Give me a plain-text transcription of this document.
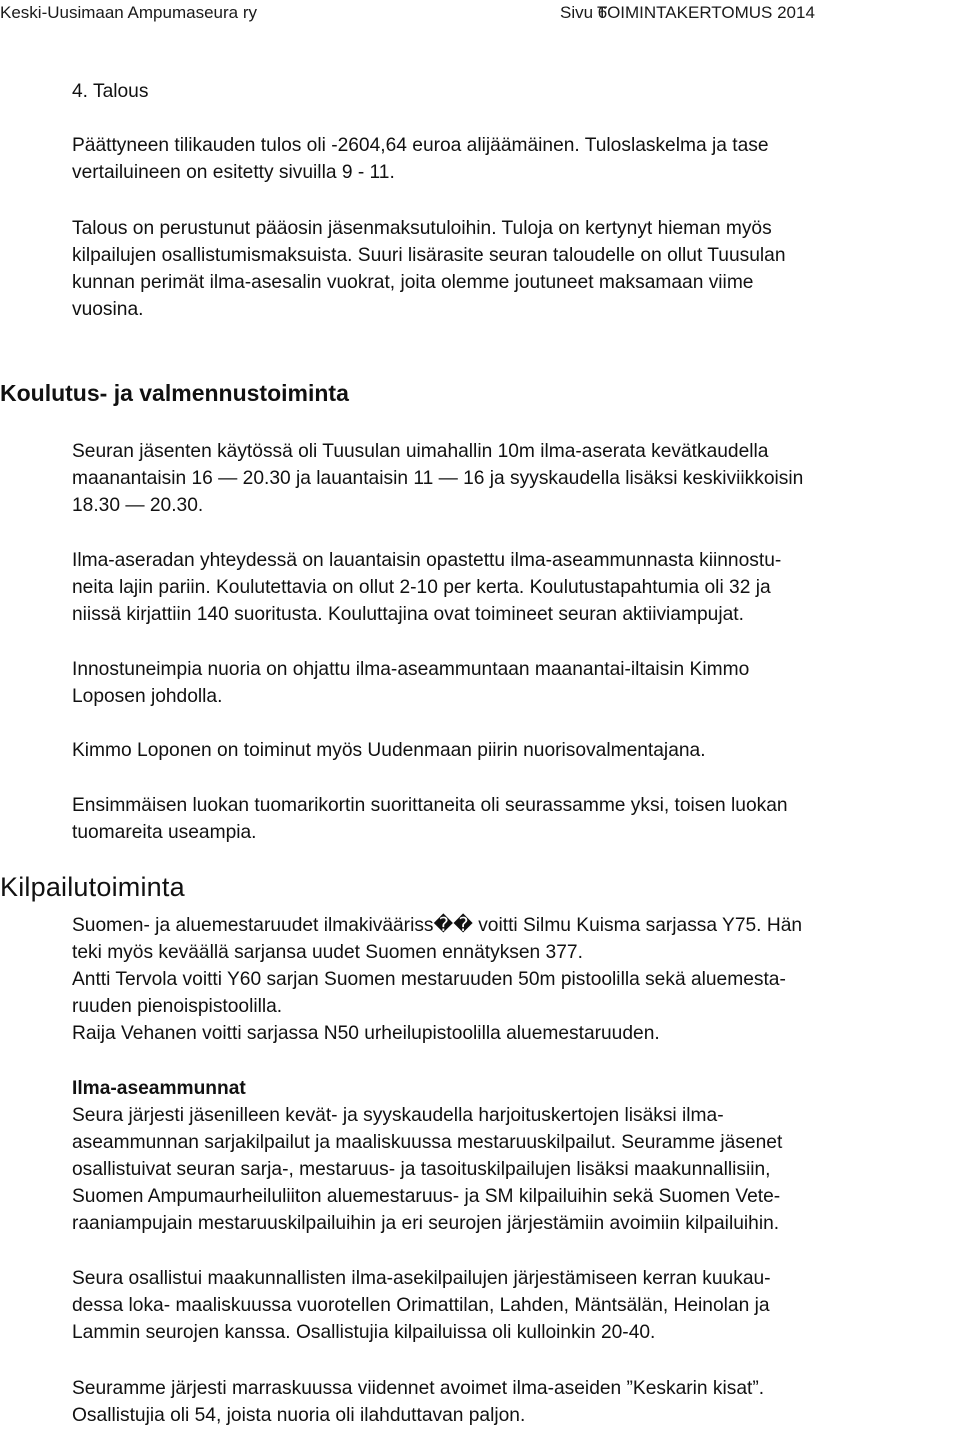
Keski-Uusimaan Ampumaseura ry	Sivu 6
TOIMINTAKERTOMUS 2014
4. Talous
Päättyneen tilikauden tulos oli -2604,64 euroa alijäämäinen. Tuloslaskelma ja tase
vertailuineen on esitetty sivuilla 9 - 11.
Talous on perustunut pääosin jäsenmaksutuloihin. Tuloja on kertynyt hieman myös
kilpailujen osallistumismaksuista. Suuri lisärasite seuran taloudelle on ollut Tuusulan
kunnan perimät ilma-asesalin vuokrat, joita olemme joutuneet maksamaan viime
vuosina.
Koulutus- ja valmennustoiminta
Seuran jäsenten käytössä oli Tuusulan uimahallin 10m ilma-aserata kevätkaudella
maanantaisin 16 — 20.30 ja lauantaisin 11 — 16 ja syyskaudella lisäksi keskiviikkoisin
18.30 — 20.30.
Ilma-aseradan yhteydessä on lauantaisin opastettu ilma-aseammunnasta kiinnostu-
neita lajin pariin. Koulutettavia on ollut 2-10 per kerta. Koulutustapahtumia oli 32 ja
niissä kirjattiin 140 suoritusta. Kouluttajina ovat toimineet seuran aktiiviampujat.
Innostuneimpia nuoria on ohjattu ilma-aseammuntaan maanantai-iltaisin Kimmo
Loposen johdolla.
Kimmo Loponen on toiminut myös Uudenmaan piirin nuorisovalmentajana.
Ensimmäisen luokan tuomarikortin suorittaneita oli seurassamme yksi, toisen luokan
tuomareita useampia.
Kilpailutoiminta
Suomen- ja aluemestaruudet ilmakivääriss�� voitti Silmu Kuisma sarjassa Y75. Hän
teki myös keväällä sarjansa uudet Suomen ennätyksen 377.
Antti Tervola voitti Y60 sarjan Suomen mestaruuden 50m pistoolilla sekä aluemesta-
ruuden pienoispistoolilla.
Raija Vehanen voitti sarjassa N50 urheilupistoolilla aluemestaruuden.
Ilma-aseammunnat
Seura järjesti jäsenilleen kevät- ja syyskaudella harjoituskertojen lisäksi ilma-
aseammunnan sarjakilpailut ja maaliskuussa mestaruuskilpailut. Seuramme jäsenet
osallistuivat seuran sarja-, mestaruus- ja tasoituskilpailujen lisäksi maakunnallisiin,
Suomen Ampumaurheiluliiton aluemestaruus- ja SM kilpailuihin sekä Suomen Vete-
raaniampujain mestaruuskilpailuihin ja eri seurojen järjestämiin avoimiin kilpailuihin.
Seura osallistui maakunnallisten ilma-asekilpailujen järjestämiseen kerran kuukau-
dessa loka- maaliskuussa vuorotellen Orimattilan, Lahden, Mäntsälän, Heinolan ja
Lammin seurojen kanssa. Osallistujia kilpailuissa oli kulloinkin 20-40.
Seuramme järjesti marraskuussa viidennet avoimet ilma-aseiden ”Keskarin kisat”.
Osallistujia oli 54, joista nuoria oli ilahduttavan paljon.
